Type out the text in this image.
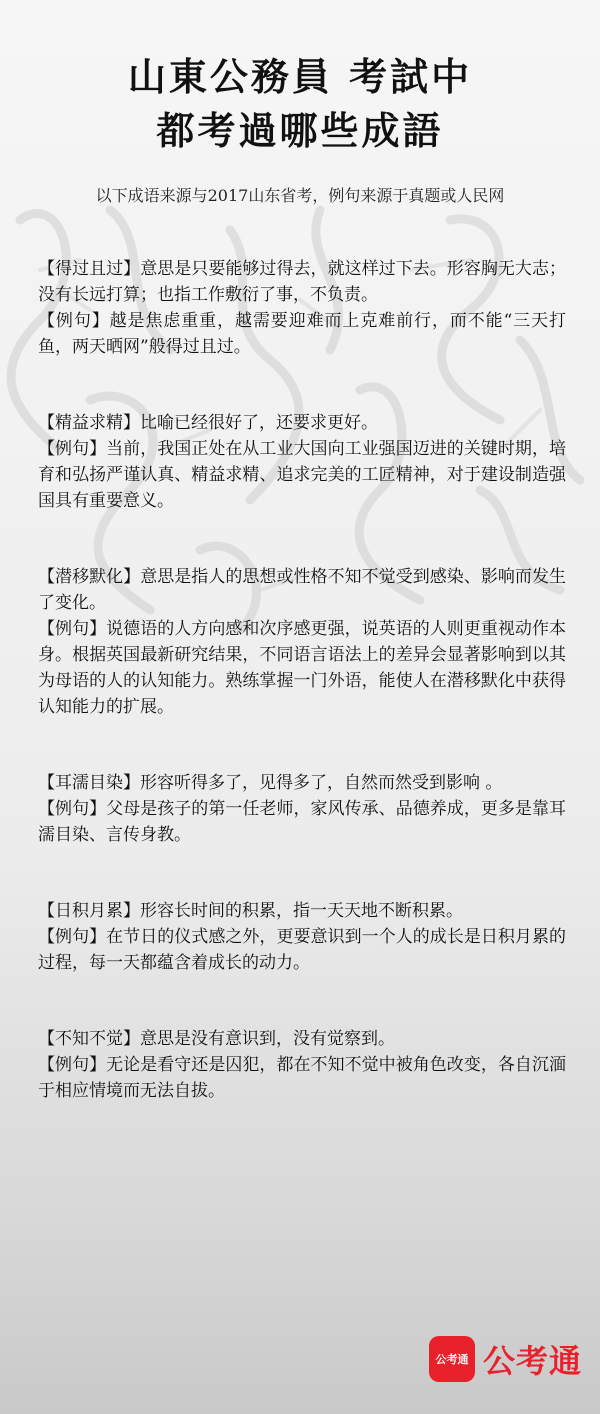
山東公務員 考試中
都考過哪些成語
以下成语来源与2017山东省考，例句来源于真题或人民网

【得过且过】意思是只要能够过得去，就这样过下去。形容胸无大志；没有长远打算；也指工作敷衍了事，不负责。

【例句】越是焦虑重重，越需要迎难而上克难前行，而不能“三天打鱼，两天晒网”般得过且过。

【精益求精】比喻已经很好了，还要求更好。

【例句】当前，我国正处在从工业大国向工业强国迈进的关键时期，培育和弘扬严谨认真、精益求精、追求完美的工匠精神，对于建设制造强国具有重要意义。

【潜移默化】意思是指人的思想或性格不知不觉受到感染、影响而发生了变化。

【例句】说德语的人方向感和次序感更强，说英语的人则更重视动作本身。根据英国最新研究结果，不同语言语法上的差异会显著影响到以其为母语的人的认知能力。熟练掌握一门外语，能使人在潜移默化中获得认知能力的扩展。

【耳濡目染】形容听得多了，见得多了，自然而然受到影响 。

【例句】父母是孩子的第一任老师，家风传承、品德养成，更多是靠耳濡目染、言传身教。

【日积月累】形容长时间的积累，指一天天地不断积累。

【例句】在节日的仪式感之外，更要意识到一个人的成长是日积月累的过程，每一天都蕴含着成长的动力。

【不知不觉】意思是没有意识到，没有觉察到。

【例句】无论是看守还是囚犯，都在不知不觉中被角色改变，各自沉湎于相应情境而无法自拔。

公考通 公考通
